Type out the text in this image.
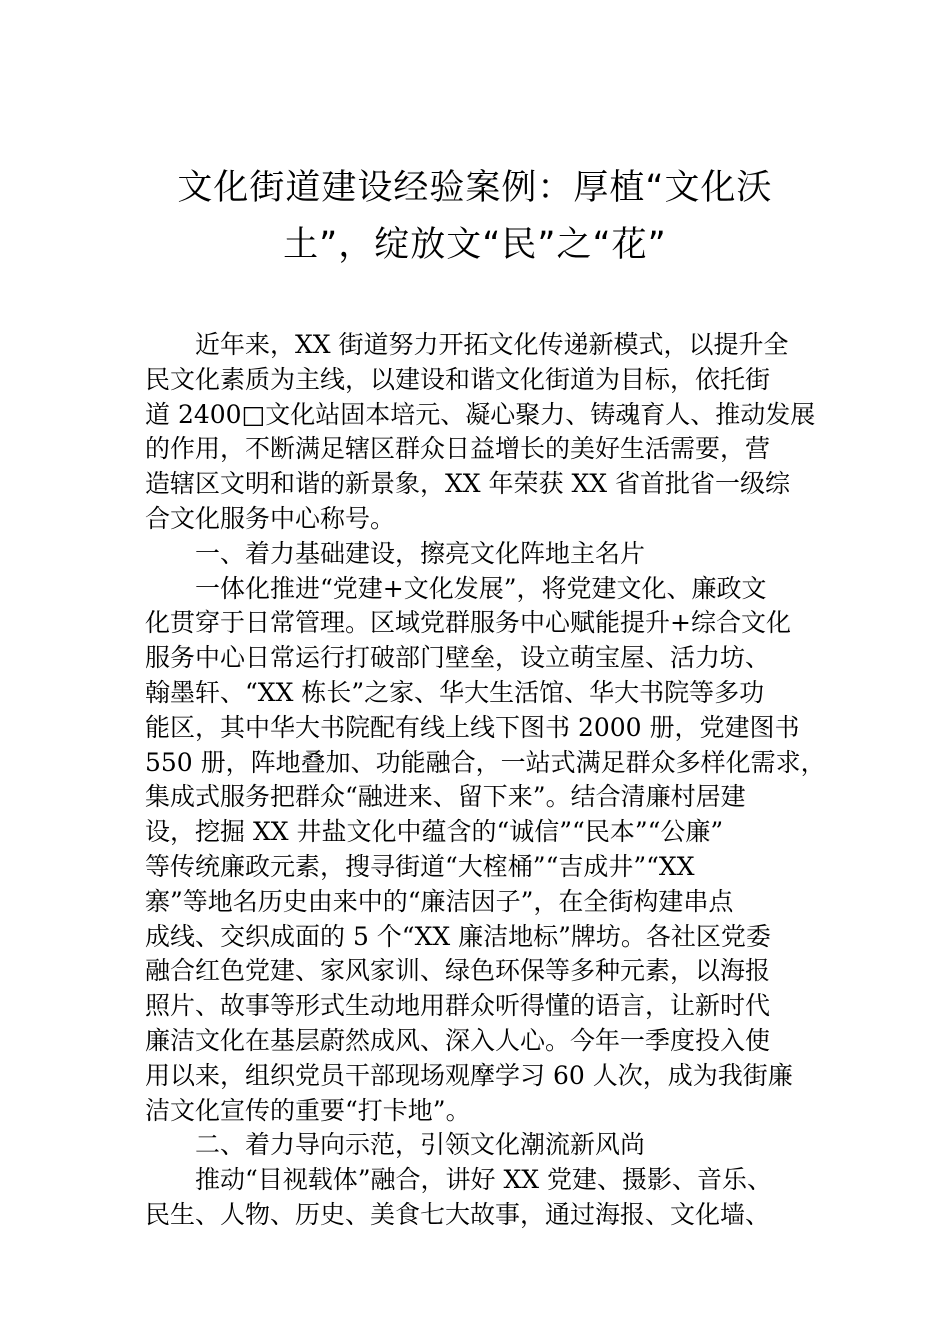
文化街道建设经验案例：厚植“文化沃
土”，绽放文“民”之“花”
近年来，XX 街道努力开拓文化传递新模式，以提升全
民文化素质为主线，以建设和谐文化街道为目标，依托街
道 2400□文化站固本培元、凝心聚力、铸魂育人、推动发展
的作用，不断满足辖区群众日益增长的美好生活需要，营
造辖区文明和谐的新景象，XX 年荣获 XX 省首批省一级综
合文化服务中心称号。
一、着力基础建设，擦亮文化阵地主名片
一体化推进“党建+文化发展”，将党建文化、廉政文
化贯穿于日常管理。区域党群服务中心赋能提升+综合文化
服务中心日常运行打破部门壁垒，设立萌宝屋、活力坊、
翰墨轩、“XX 栋长”之家、华大生活馆、华大书院等多功
能区，其中华大书院配有线上线下图书 2000 册，党建图书
550 册，阵地叠加、功能融合，一站式满足群众多样化需求，
集成式服务把群众“融进来、留下来”。结合清廉村居建
设，挖掘 XX 井盐文化中蕴含的“诚信”“民本”“公廉”
等传统廉政元素，搜寻街道“大榁桶”“吉成井”“XX
寨”等地名历史由来中的“廉洁因子”，在全街构建串点
成线、交织成面的 5 个“XX 廉洁地标”牌坊。各社区党委
融合红色党建、家风家训、绿色环保等多种元素，以海报
照片、故事等形式生动地用群众听得懂的语言，让新时代
廉洁文化在基层蔚然成风、深入人心。今年一季度投入使
用以来，组织党员干部现场观摩学习 60 人次，成为我街廉
洁文化宣传的重要“打卡地”。
二、着力导向示范，引领文化潮流新风尚
推动“目视载体”融合，讲好 XX 党建、摄影、音乐、
民生、人物、历史、美食七大故事，通过海报、文化墙、
